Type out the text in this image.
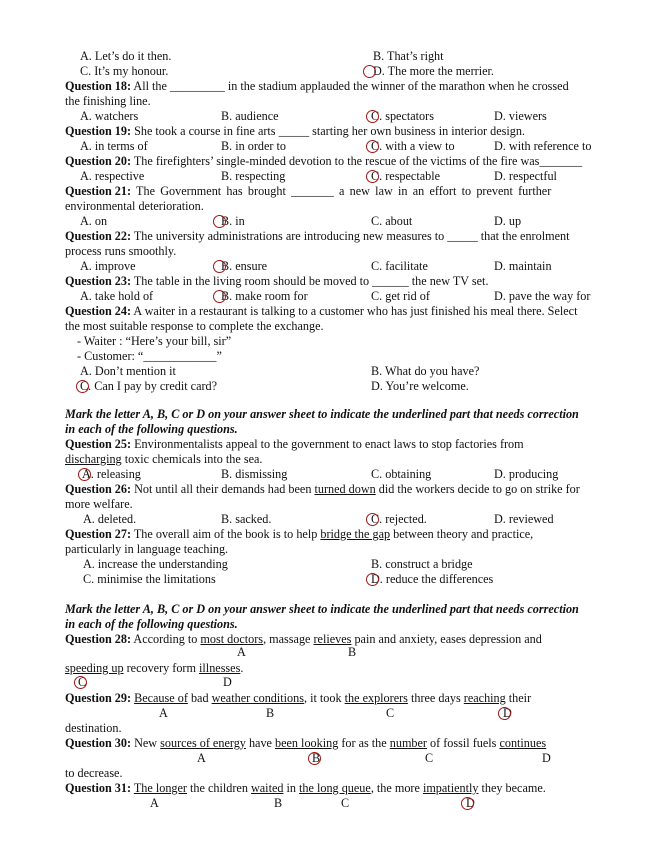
A. Let’s do it then.	B. That’s right
C. It’s my honour.	D. The more the merrier.
Question 18: All the _________ in the stadium applauded the winner of the marathon when he crossed
the finishing line.
A. watchers	B. audience	C. spectators	D. viewers
Question 19: She took a course in fine arts _____ starting her own business in interior design.
A. in terms of	B. in order to	C. with a view to	D. with reference to
Question 20: The firefighters’ single-minded devotion to the rescue of the victims of the fire was_______
A. respective	B. respecting	C. respectable	D. respectful
Question 21: The Government has brought _______ a new law in an effort to prevent further
environmental deterioration.
A. on	B. in	C. about	D. up
Question 22: The university administrations are introducing new measures to _____ that the enrolment
process runs smoothly.
A. improve	B. ensure	C. facilitate	D. maintain
Question 23: The table in the living room should be moved to ______ the new TV set.
A. take hold of	B. make room for	C. get rid of	D. pave the way for
Question 24: A waiter in a restaurant is talking to a customer who has just finished his meal there. Select
the most suitable response to complete the exchange.
- Waiter : “Here’s your bill, sir”
- Customer: “____________”
A. Don’t mention it	B. What do you have?
C. Can I pay by credit card?	D. You’re welcome.
Mark the letter A, B, C or D on your answer sheet to indicate the underlined part that needs correction
in each of the following questions.
Question 25: Environmentalists appeal to the government to enact laws to stop factories from
discharging toxic chemicals into the sea.
A. releasing	B. dismissing	C. obtaining	D. producing
Question 26: Not until all their demands had been turned down did the workers decide to go on strike for
more welfare.
A. deleted.	B. sacked.	C. rejected.	D. reviewed
Question 27: The overall aim of the book is to help bridge the gap between theory and practice,
particularly in language teaching.
A. increase the understanding	B. construct a bridge
C. minimise the limitations	D. reduce the differences
Mark the letter A, B, C or D on your answer sheet to indicate the underlined part that needs correction
in each of the following questions.
Question 28: According to most doctors, massage relieves pain and anxiety, eases depression and
A	B
speeding up recovery form illnesses.
C	D
Question 29: Because of bad weather conditions, it took the explorers three days reaching their
A	B	C	D
destination.
Question 30: New sources of energy have been looking for as the number of fossil fuels continues
A	B	C	D
to decrease.
Question 31: The longer the children waited in the long queue, the more impatiently they became.
A	B	C	D
